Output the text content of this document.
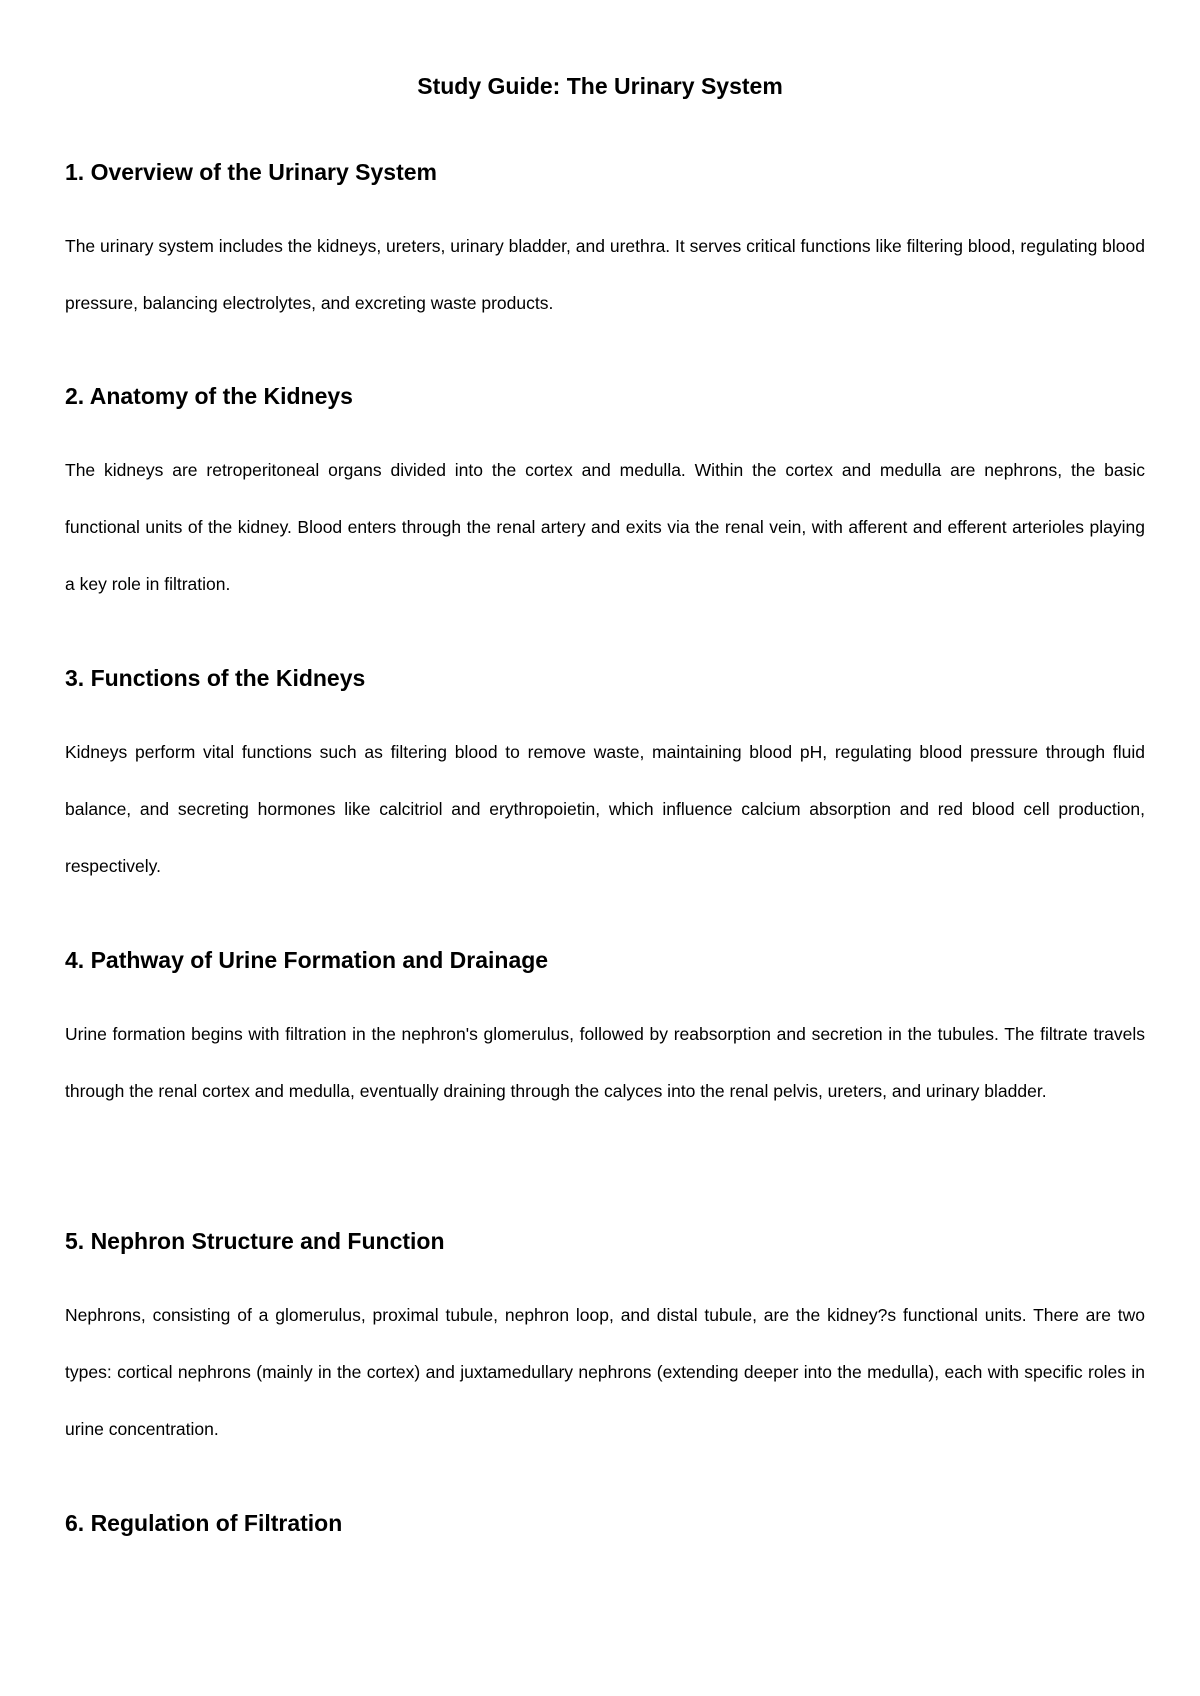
Study Guide: The Urinary System
1. Overview of the Urinary System

The urinary system includes the kidneys, ureters, urinary bladder, and urethra. It serves critical functions like filtering blood, regulating blood pressure, balancing electrolytes, and excreting waste products.

2. Anatomy of the Kidneys

The kidneys are retroperitoneal organs divided into the cortex and medulla. Within the cortex and medulla are nephrons, the basic functional units of the kidney. Blood enters through the renal artery and exits via the renal vein, with afferent and efferent arterioles playing a key role in filtration.

3. Functions of the Kidneys

Kidneys perform vital functions such as filtering blood to remove waste, maintaining blood pH, regulating blood pressure through fluid balance, and secreting hormones like calcitriol and erythropoietin, which influence calcium absorption and red blood cell production, respectively.

4. Pathway of Urine Formation and Drainage

Urine formation begins with filtration in the nephron's glomerulus, followed by reabsorption and secretion in the tubules. The filtrate travels through the renal cortex and medulla, eventually draining through the calyces into the renal pelvis, ureters, and urinary bladder.

5. Nephron Structure and Function

Nephrons, consisting of a glomerulus, proximal tubule, nephron loop, and distal tubule, are the kidney?s functional units. There are two types: cortical nephrons (mainly in the cortex) and juxtamedullary nephrons (extending deeper into the medulla), each with specific roles in urine concentration.

6. Regulation of Filtration
